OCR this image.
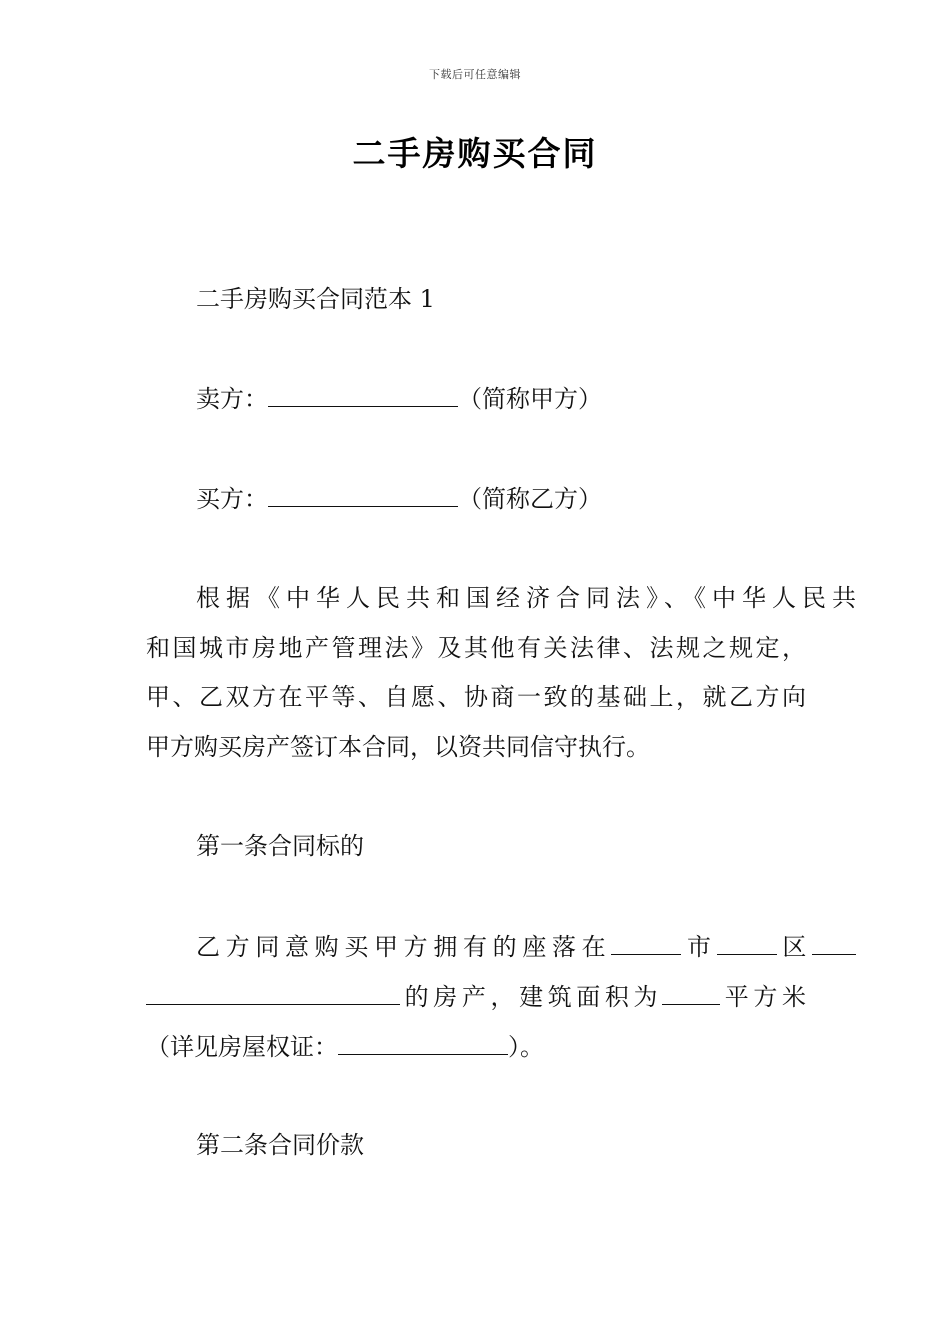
下载后可任意编辑
二手房购买合同
二手房购买合同范本 1
卖方：	（简称甲方）
买方：	（简称乙方）
根据《中华人民共和国经济合同法》、《中华人民共
和国城市房地产管理法》及其他有关法律、法规之规定，
甲、乙双方在平等、自愿、协商一致的基础上，就乙方向
甲方购买房产签订本合同，以资共同信守执行。
第一条合同标的
乙方同意购买甲方拥有的座落在	市	区
的房产，建筑面积为 平方米
（详见房屋权证：	）。
第二条合同价款
